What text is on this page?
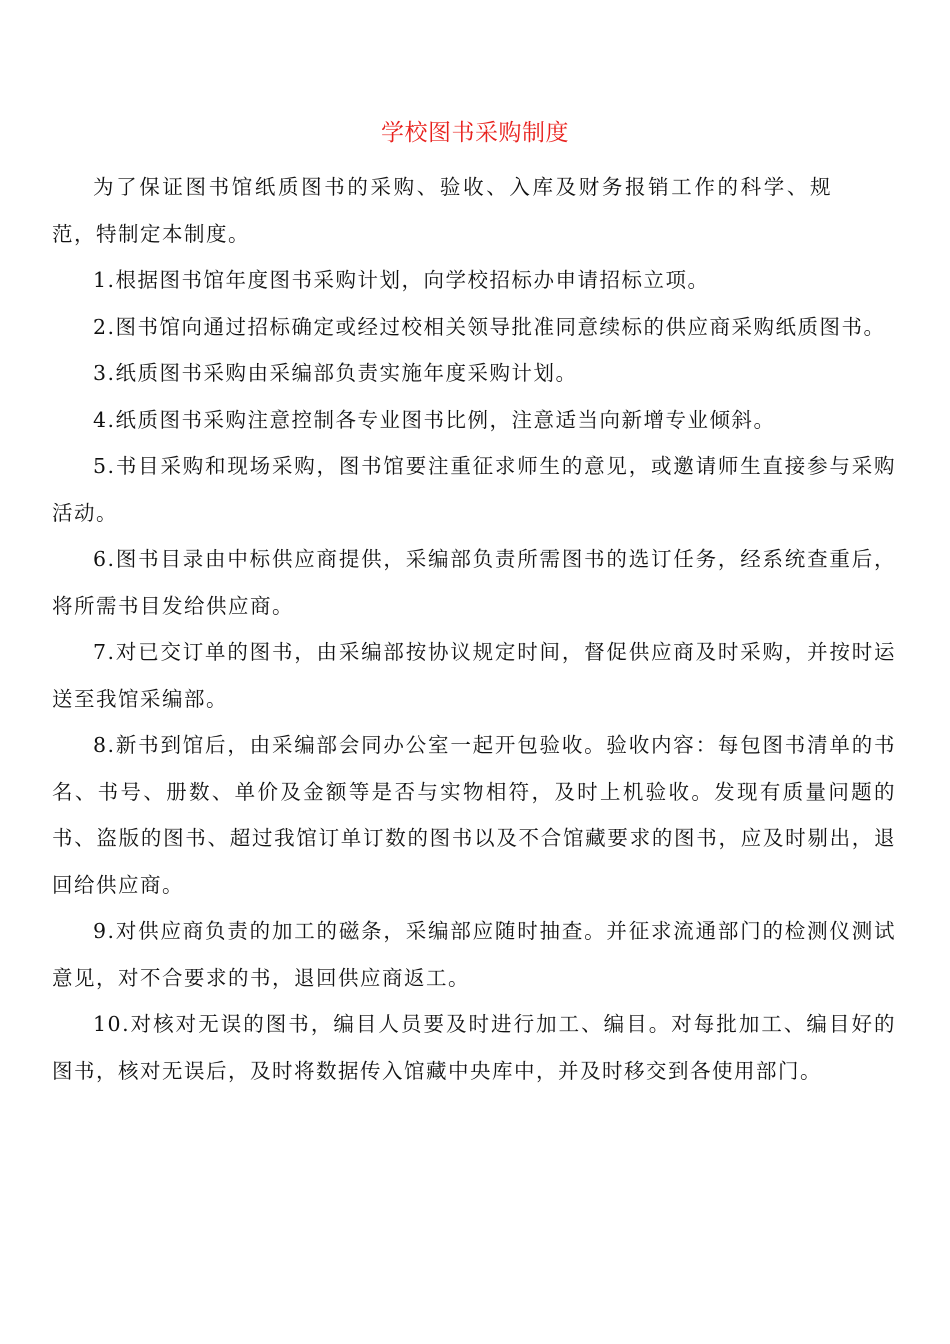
学校图书采购制度

为了保证图书馆纸质图书的采购、验收、入库及财务报销工作的科学、规范，特制定本制度。

1.根据图书馆年度图书采购计划，向学校招标办申请招标立项。

2.图书馆向通过招标确定或经过校相关领导批准同意续标的供应商采购纸质图书。

3.纸质图书采购由采编部负责实施年度采购计划。

4.纸质图书采购注意控制各专业图书比例，注意适当向新增专业倾斜。

5.书目采购和现场采购，图书馆要注重征求师生的意见，或邀请师生直接参与采购活动。

6.图书目录由中标供应商提供，采编部负责所需图书的选订任务，经系统查重后，将所需书目发给供应商。

7.对已交订单的图书，由采编部按协议规定时间，督促供应商及时采购，并按时运送至我馆采编部。

8.新书到馆后，由采编部会同办公室一起开包验收。验收内容：每包图书清单的书名、书号、册数、单价及金额等是否与实物相符，及时上机验收。发现有质量问题的书、盗版的图书、超过我馆订单订数的图书以及不合馆藏要求的图书，应及时剔出，退回给供应商。

9.对供应商负责的加工的磁条，采编部应随时抽查。并征求流通部门的检测仪测试意见，对不合要求的书，退回供应商返工。

10.对核对无误的图书，编目人员要及时进行加工、编目。对每批加工、编目好的图书，核对无误后，及时将数据传入馆藏中央库中，并及时移交到各使用部门。
